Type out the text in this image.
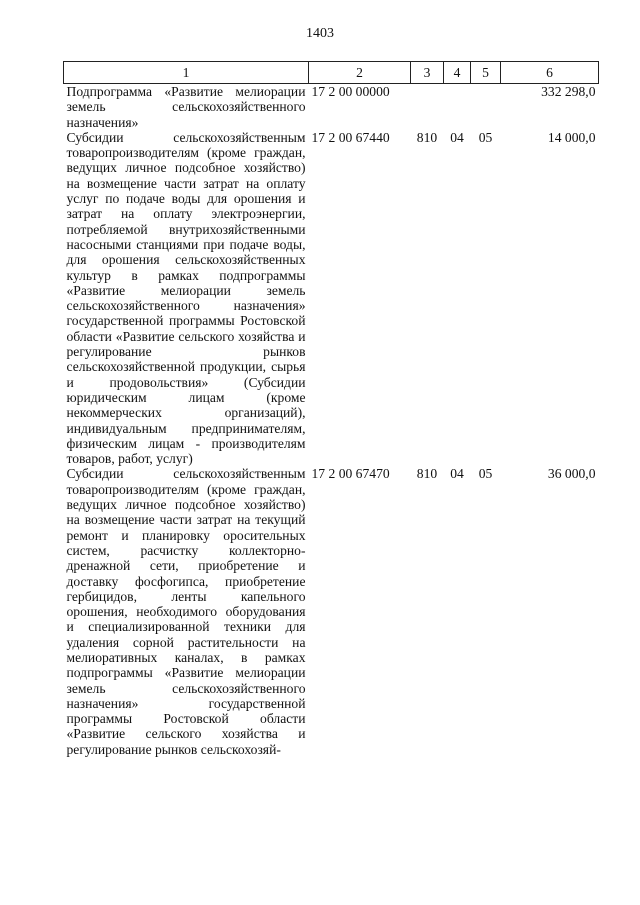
1403
1	2	3	4	5	6
Подпрограмма «Развитие мелиорации земель сельскохозяйственного назначения»	17 2 00 00000				332 298,0
Субсидии сельскохозяйственным товаропроизводителям (кроме граждан, ведущих личное подсобное хозяйство) на возмещение части затрат на оплату услуг по подаче воды для орошения и затрат на оплату электроэнергии, потребляемой внутрихозяйственными насосными станциями при подаче воды, для орошения сельскохозяйственных культур в рамках подпрограммы «Развитие мелиорации земель сельскохозяйственного назначения» государственной программы Ростовской области «Развитие сельского хозяйства и регулирование рынков сельскохозяйственной продукции, сырья и продовольствия» (Субсидии юридическим лицам (кроме некоммерческих организаций), индивидуальным предпринимателям, физическим лицам - производителям товаров, работ, услуг)	17 2 00 67440	810	04	05	14 000,0
Субсидии сельскохозяйственным товаропроизводителям (кроме граждан, ведущих личное подсобное хозяйство) на возмещение части затрат на текущий ремонт и планировку оросительных систем, расчистку коллекторно-дренажной сети, приобретение и доставку фосфогипса, приобретение гербицидов, ленты капельного орошения, необходимого оборудования и специализированной техники для удаления сорной растительности на мелиоративных каналах, в рамках подпрограммы «Развитие мелиорации земель сельскохозяйственного назначения» государственной программы Ростовской области «Развитие сельского хозяйства и регулирование рынков сельскохозяй-	17 2 00 67470	810	04	05	36 000,0
